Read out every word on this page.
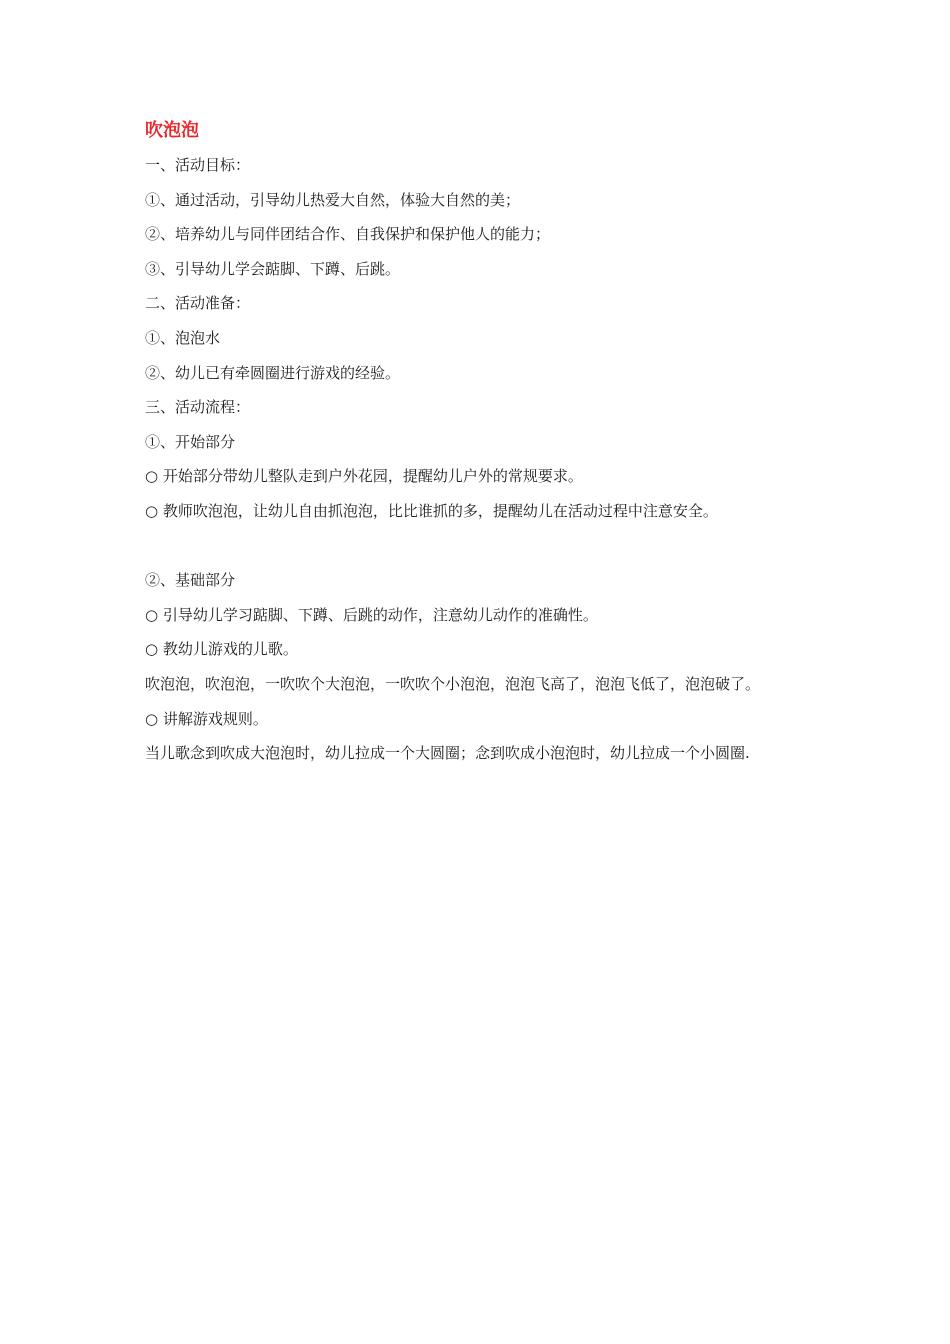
吹泡泡

一、活动目标：

①、通过活动，引导幼儿热爱大自然，体验大自然的美；

②、培养幼儿与同伴团结合作、自我保护和保护他人的能力；

③、引导幼儿学会踮脚、下蹲、后跳。

二、活动准备：

①、泡泡水

②、幼儿已有牵圆圈进行游戏的经验。

三、活动流程：

①、开始部分

○ 开始部分带幼儿整队走到户外花园，提醒幼儿户外的常规要求。

○ 教师吹泡泡，让幼儿自由抓泡泡，比比谁抓的多，提醒幼儿在活动过程中注意安全。

②、基础部分

○ 引导幼儿学习踮脚、下蹲、后跳的动作，注意幼儿动作的准确性。

○ 教幼儿游戏的儿歌。

吹泡泡，吹泡泡，一吹吹个大泡泡，一吹吹个小泡泡，泡泡飞高了，泡泡飞低了，泡泡破了。

○ 讲解游戏规则。

当儿歌念到吹成大泡泡时，幼儿拉成一个大圆圈；念到吹成小泡泡时，幼儿拉成一个小圆圈.
